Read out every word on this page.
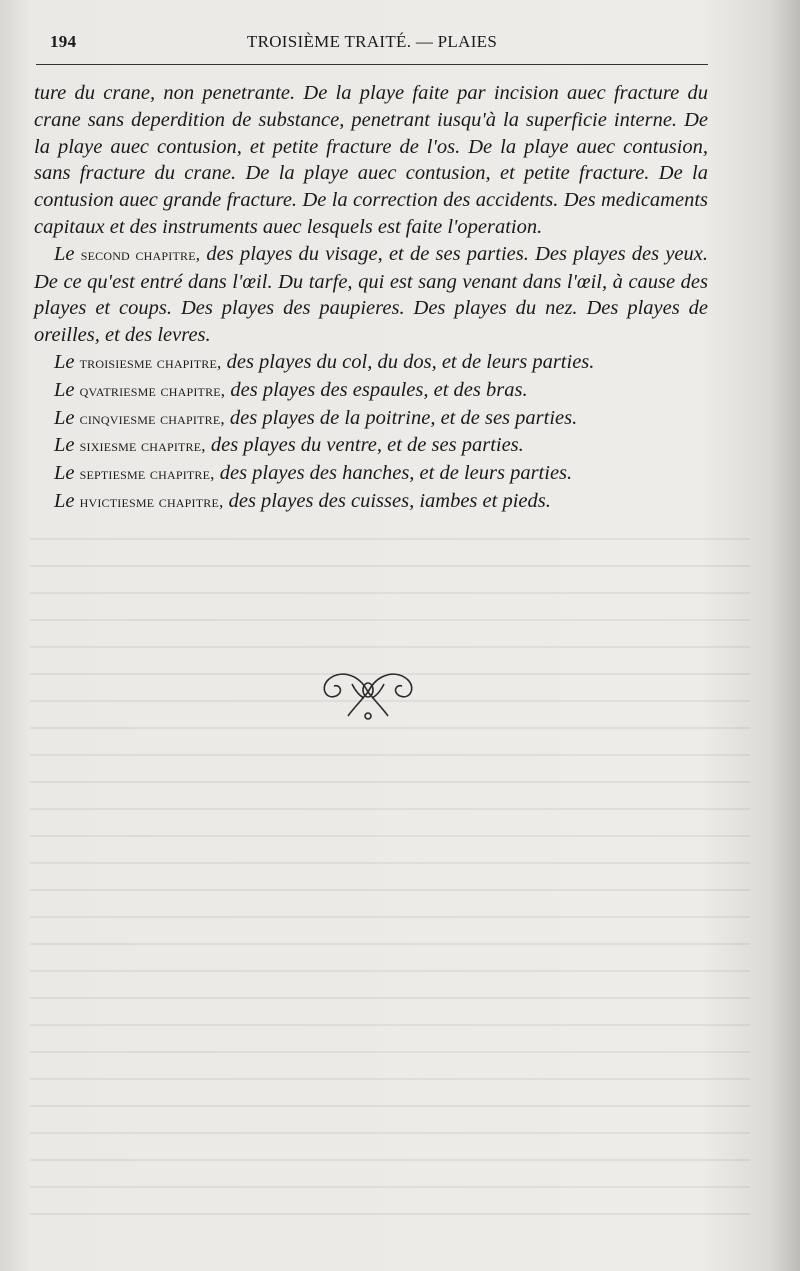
194	TROISIÈME TRAITÉ. — PLAIES

ture du crane, non penetrante. De la playe faite par incision auec fracture du crane sans deperdition de substance, penetrant iusqu'à la superficie interne. De la playe auec contusion, et petite fracture de l'os. De la playe auec contusion, sans fracture du crane. De la playe auec contusion, et petite fracture. De la contusion auec grande fracture. De la correction des accidents. Des medicaments capitaux et des instruments auec lesquels est faite l'operation.

Le second chapitre, des playes du visage, et de ses parties. Des playes des yeux. De ce qu'est entré dans l'œil. Du tarfe, qui est sang venant dans l'œil, à cause des playes et coups. Des playes des paupieres. Des playes du nez. Des playes de oreilles, et des levres.

Le troisiesme chapitre, des playes du col, du dos, et de leurs parties.
Le qvatriesme chapitre, des playes des espaules, et des bras.
Le cinqviesme chapitre, des playes de la poitrine, et de ses parties.
Le sixiesme chapitre, des playes du ventre, et de ses parties.
Le septiesme chapitre, des playes des hanches, et de leurs parties.
Le hvictiesme chapitre, des playes des cuisses, iambes et pieds.
